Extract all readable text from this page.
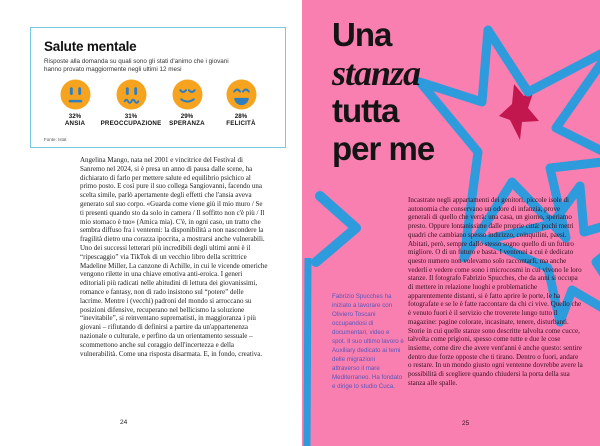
Salute mentale
Risposte alla domanda su quali sono gli stati d'animo che i giovani hanno provato maggiormente negli ultimi 12 mesi
32%
ANSIA
31%
PREOCCUPAZIONE
29%
SPERANZA
28%
FELICITÀ
Fonte: Istat
Angelina Mango, nata nel 2001 e vincitrice del Festival di Sanremo nel 2024, si è presa un anno di pausa dalle scene, ha dichiarato di farlo per mettere salute ed equilibrio psichico al primo posto. E così pure il suo collega Sangiovanni, facendo una scelta simile, parlò apertamente degli effetti che l'ansia aveva generato sul suo corpo. «Guarda come viene giù il mio muro / Se ti presenti quando sto da solo in camera / Il soffitto non c'è più / Il mio stomaco è tuo» (Amica mia). C'è, in ogni caso, un tratto che sembra diffuso fra i ventenni: la disponibilità a non nascondere la fragilità dietro una corazza ipocrita, a mostrarsi anche vulnerabili. Uno dei successi letterari più incredibili degli ultimi anni è il “ripescaggio” via TikTok di un vecchio libro della scrittrice Madeline Miller, La canzone di Achille, in cui le vicende omeriche vengono rilette in una chiave emotiva anti-eroica. I generi editoriali più radicati nelle abitudini di lettura dei giovanissimi, romance e fantasy, non di rado insistono sul “potere” delle lacrime. Mentre i (vecchi) padroni del mondo si arroccano su posizioni difensive, recuperano nel bellicismo la soluzione “inevitabile”, si reinventano suprematisti, in maggioranza i più giovani – rifiutando di definirsi a partire da un'appartenenza nazionale o culturale, e perfino da un orientamento sessuale – scommettono anche sul coraggio dell'incertezza e della vulnerabilità. Come una risposta disarmata. E, in fondo, creativa.
24
Una
stanza
tutta
per me
Fabrizio Spucches ha iniziato a lavorare con Oliviero Toscani occupandosi di documentari, video e spot. Il suo ultimo lavoro è Auxiliary dedicato ai temi delle migrazioni attraverso il mare Mediterraneo. Ha fondato e dirige lo studio Cuca.
Incastrate negli appartamenti dei genitori, piccole isole di autonomia che conservano un odore di infanzia, prove generali di quello che verrà: una casa, un giorno, speriamo presto. Oppure lontanissime dalle proprie città: pochi metri quadri che cambiano spesso indirizzo, coinquilini, paesi. Abitati, però, sempre dallo stesso sogno quello di un futuro migliore. O di un futuro e basta. I ventenni a cui è dedicato questo numero non volevamo solo raccontarli, ma anche vederli e vedere come sono i microcosmi in cui vivono le loro stanze. Il fotografo Fabrizio Spucches, che da anni si occupa di mettere in relazione luoghi e problematiche apparentemente distanti, si è fatto aprire le porte, le ha fotografate e se le è fatte raccontare da chi ci vive. Quello che è venuto fuori è il servizio che troverete lungo tutto il magazine: pagine colorate, incasinate, tenere, disturbanti. Storie in cui quelle stanze sono descritte talvolta come cucce, talvolta come prigioni, spesso come tutte e due le cose insieme, come dire che avere vent'anni è anche questo: sentire dentro due forze opposte che ti tirano. Dentro o fuori, andare o restare. In un mondo giusto ogni ventenne dovrebbe avere la possibilità di scegliere quando chiudersi la porta della sua stanza alle spalle.
25
